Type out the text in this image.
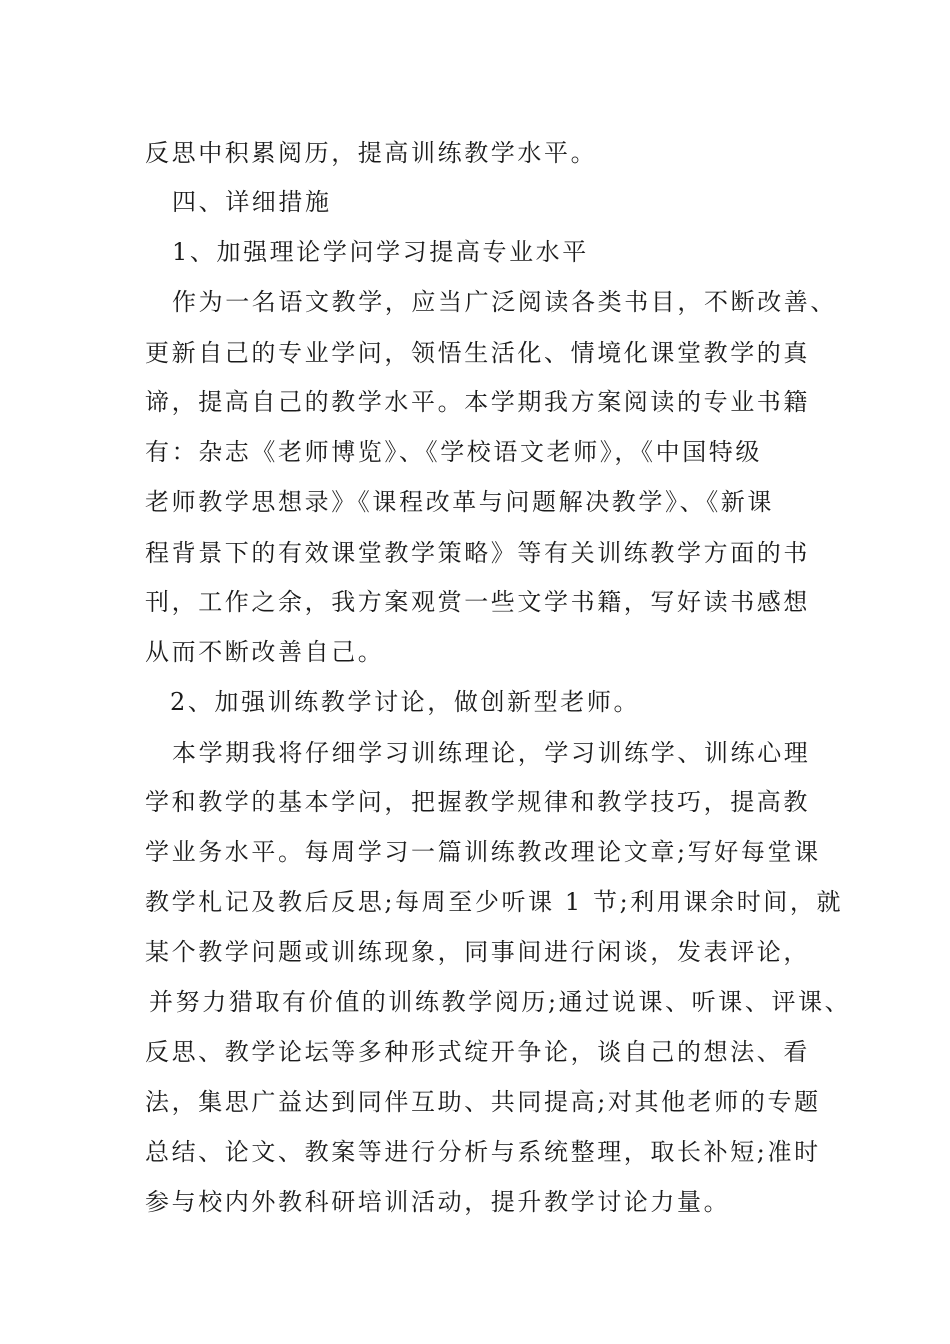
反思中积累阅历，提高训练教学水平。
四、详细措施
1、加强理论学问学习提高专业水平
作为一名语文教学，应当广泛阅读各类书目，不断改善、
更新自己的专业学问，领悟生活化、情境化课堂教学的真
谛，提高自己的教学水平。本学期我方案阅读的专业书籍
有：杂志《老师博览》、《学校语文老师》，《中国特级
老师教学思想录》《课程改革与问题解决教学》、《新课
程背景下的有效课堂教学策略》等有关训练教学方面的书
刊，工作之余，我方案观赏一些文学书籍，写好读书感想
从而不断改善自己。
2、加强训练教学讨论，做创新型老师。
本学期我将仔细学习训练理论，学习训练学、训练心理
学和教学的基本学问，把握教学规律和教学技巧，提高教
学业务水平。每周学习一篇训练教改理论文章;写好每堂课
教学札记及教后反思;每周至少听课 1 节;利用课余时间，就
某个教学问题或训练现象，同事间进行闲谈，发表评论，
并努力猎取有价值的训练教学阅历;通过说课、听课、评课、
反思、教学论坛等多种形式绽开争论，谈自己的想法、看
法，集思广益达到同伴互助、共同提高;对其他老师的专题
总结、论文、教案等进行分析与系统整理，取长补短;准时
参与校内外教科研培训活动，提升教学讨论力量。
